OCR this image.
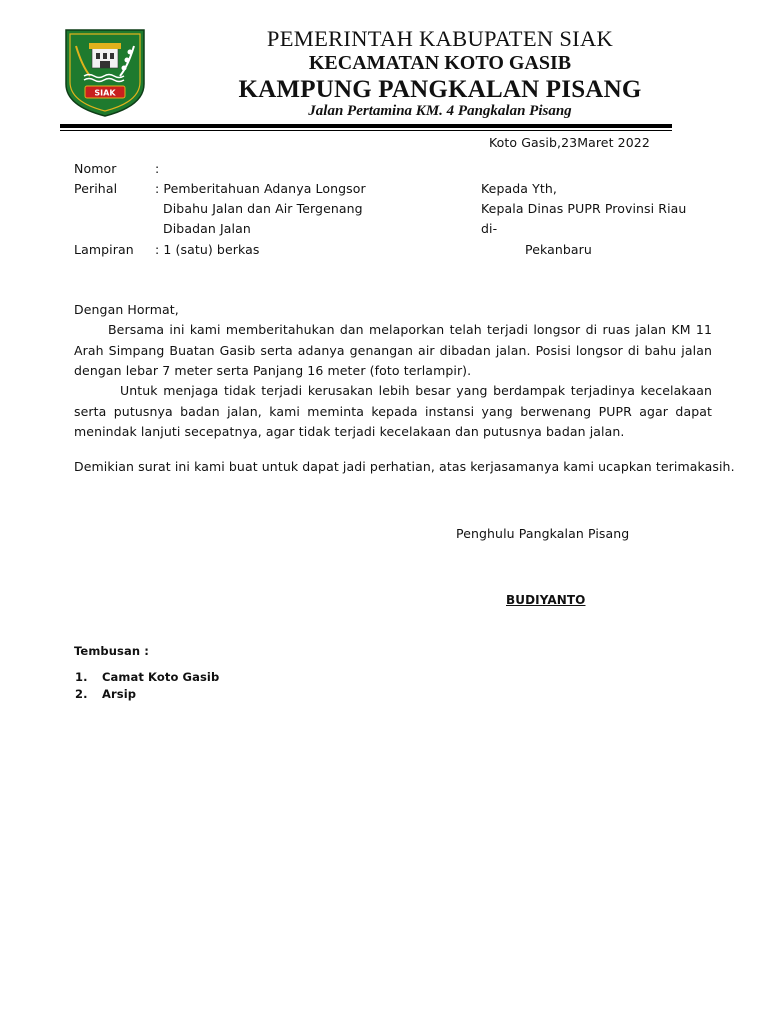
SIAK
PEMERINTAH KABUPATEN SIAK
KECAMATAN KOTO GASIB
KAMPUNG PANGKALAN PISANG
Jalan Pertamina KM. 4 Pangkalan Pisang
Koto Gasib,23Maret 2022
Nomor	:
Perihal	: Pemberitahuan Adanya Longsor
Dibahu Jalan dan Air Tergenang
Dibadan Jalan
Lampiran : 1 (satu) berkas
Kepada Yth,
Kepala Dinas PUPR Provinsi Riau
di-
Pekanbaru
Dengan Hormat,
Bersama ini kami memberitahukan dan melaporkan telah terjadi longsor di ruas jalan KM 11 Arah Simpang Buatan Gasib serta adanya genangan air dibadan jalan. Posisi longsor di bahu jalan dengan lebar 7 meter serta Panjang 16 meter (foto terlampir).
Untuk menjaga tidak terjadi kerusakan lebih besar yang berdampak terjadinya kecelakaan serta putusnya badan jalan, kami meminta kepada instansi yang berwenang PUPR agar dapat menindak lanjuti secepatnya, agar tidak terjadi kecelakaan dan putusnya badan jalan.
Demikian surat ini kami buat untuk dapat jadi perhatian, atas kerjasamanya kami ucapkan terimakasih.
Penghulu Pangkalan Pisang
BUDIYANTO
Tembusan :
1. Camat Koto Gasib
2. Arsip
